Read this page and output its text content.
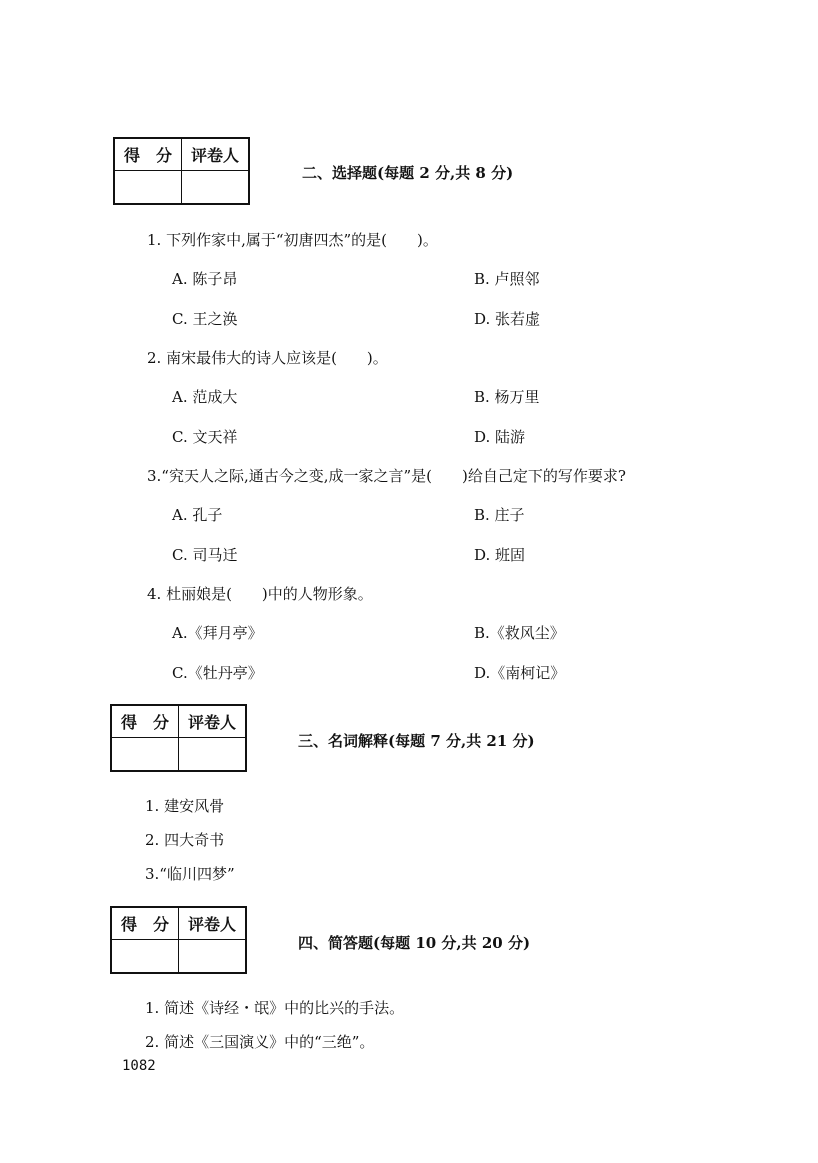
得　分	评卷人

二、选择题(每题 2 分,共 8 分)
1. 下列作家中,属于“初唐四杰”的是(　　)。
A. 陈子昂	B. 卢照邻
C. 王之涣	D. 张若虚
2. 南宋最伟大的诗人应该是(　　)。
A. 范成大	B. 杨万里
C. 文天祥	D. 陆游
3.“究天人之际,通古今之变,成一家之言”是(　　)给自己定下的写作要求?
A. 孔子	B. 庄子
C. 司马迁	D. 班固
4. 杜丽娘是(　　)中的人物形象。
A.《拜月亭》	B.《救风尘》
C.《牡丹亭》	D.《南柯记》
得　分	评卷人

三、名词解释(每题 7 分,共 21 分)
1. 建安风骨
2. 四大奇书
3.“临川四梦”
得　分	评卷人

四、简答题(每题 10 分,共 20 分)
1. 简述《诗经・氓》中的比兴的手法。
2. 简述《三国演义》中的“三绝”。
1082
